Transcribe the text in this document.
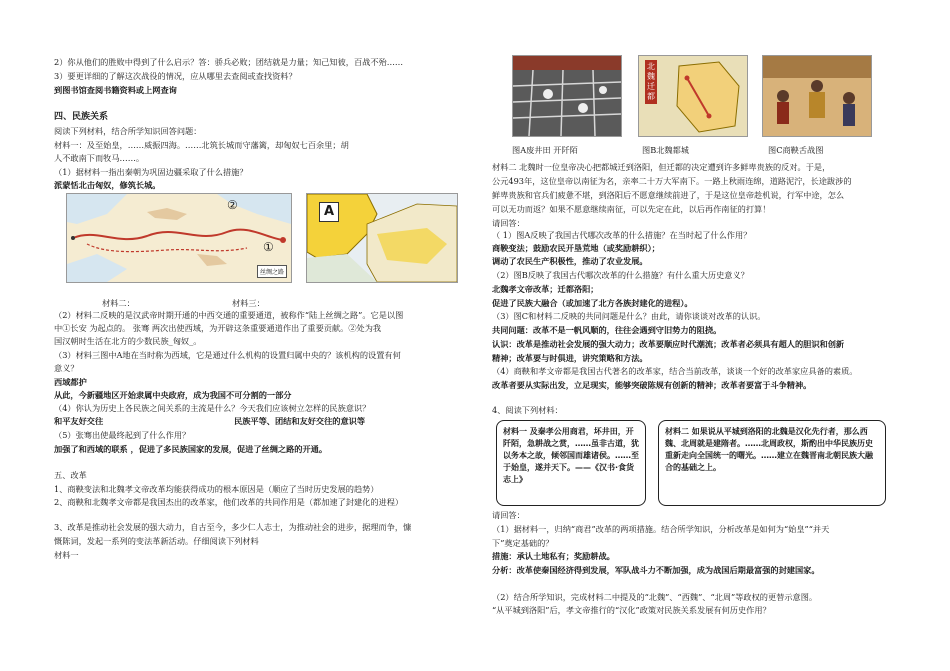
2）你从他们的胜败中得到了什么启示？答：骄兵必败；团结就是力量；知己知彼，百战不殆……
3）要更详细的了解这次战役的情况，应从哪里去查阅或查找资料？
到图书馆查阅书籍资料或上网查询
四、民族关系
阅读下列材料，结合所学知识回答问题：
材料一：及至始皇，……威振四海。……北筑长城而守藩篱，却匈奴七百余里；胡
人不敢南下而牧马……。
（1）据材料一指出秦朝为巩固边疆采取了什么措施？
派蒙恬北击匈奴，修筑长城。
②
①
丝绸之路
A
材料二：	材料三：
（2）材料二反映的是汉武帝时期开通的中西交通的重要通道，被称作“陆上丝绸之路”。它是以图
中①长安 为起点的。 张骞 两次出使西域，为开辟这条重要通道作出了重要贡献。②处为我
国汉朝时生活在北方的少数民族_匈奴_。
（3）材料三图中A地在当时称为西域，它是通过什么机构的设置归属中央的？该机构的设置有何
意义？
西域都护
从此，今新疆地区开始隶属中央政府，成为我国不可分割的一部分
（4）你认为历史上各民族之间关系的主流是什么？今天我们应该树立怎样的民族意识？
和平友好交往	民族平等、团结和友好交往的意识等
（5）张骞出使最终起到了什么作用？
加强了和西域的联系 ，促进了多民族国家的发展，促进了丝绸之路的开通。
五、改革
1、商鞅变法和北魏孝文帝改革均能获得成功的根本原因是（顺应了当时历史发展的趋势）
2、商鞅和北魏孝文帝都是我国杰出的改革家，他们改革的共同作用是（都加速了封建化的进程）
3、改革是推动社会发展的强大动力，自古至今，多少仁人志士，为推动社会的进步，据理而争，慷
慨陈词，发起一系列的变法革新活动。仔细阅读下列材料
材料一
北魏迁都
图A废井田 开阡陌	图B北魏都城	图C商鞅舌战图
材料二 北魏时一位皇帝决心把都城迁到洛阳，但迁都的决定遭到许多鲜卑贵族的反对。于是，
公元493年，这位皇帝以南征为名，亲率二十万大军南下。一路上秋雨连绵，道路泥泞，长途跋涉的
鲜卑贵族和官兵们疲惫不堪，到洛阳后不愿意继续前进了，于是这位皇帝趁机说，行军中途，怎么
可以无功而返？如果不愿意继续南征，可以先定在此，以后再作南征的打算！
请回答：
（ 1）图A反映了我国古代哪次改革的什么措施？在当时起了什么作用？
商鞅变法；鼓励农民开垦荒地（或奖励耕织）；
调动了农民生产积极性，推动了农业发展。
（2）图B反映了我国古代哪次改革的什么措施？有什么重大历史意义？
北魏孝文帝改革；迁都洛阳；
促进了民族大融合（或加速了北方各族封建化的进程）。
（3）图C和材料二反映的共同问题是什么？由此，请你谈谈对改革的认识。
共同问题：改革不是一帆风顺的，往往会遇到守旧势力的阻挠。
认识：改革是推动社会发展的强大动力；改革要顺应时代潮流；改革者必须具有超人的胆识和创新
精神；改革要与时俱进，讲究策略和方法。
（4）商鞅和孝文帝都是我国古代著名的改革家，结合当前改革，谈谈一个好的改革家应具备的素质。
改革者要从实际出发，立足现实，能够突破陈规有创新的精神；改革者要富于斗争精神。
4、阅读下列材料：
材料一 及秦孝公用商君，坏井田，开阡陌，急耕战之赏，……虽非古道，犹以务本之故，倾邻国而雄诸侯。……至于始皇，遂并天下。——《汉书·食货志上》
材料二 如果说从平城到洛阳的北魏是汉化先行者，那么西魏、北周就是建隋者。……北周政权，斯酌出中华民族历史重新走向全国统一的曙光。……建立在魏晋南北朝民族大融合的基础之上。
请回答：
（1）据材料一，归纳“商君”改革的两项措施。结合所学知识，分析改革是如何为“始皇”“并天
下”奠定基础的？
措施：承认土地私有；奖励耕战。
分析：改革使秦国经济得到发展，军队战斗力不断加强，成为战国后期最富强的封建国家。
（2）结合所学知识，完成材料二中提及的“北魏”、“西魏”、“北周”等政权的更替示意图。
“从平城到洛阳”后，孝文帝推行的“汉化”政策对民族关系发展有何历史作用？
